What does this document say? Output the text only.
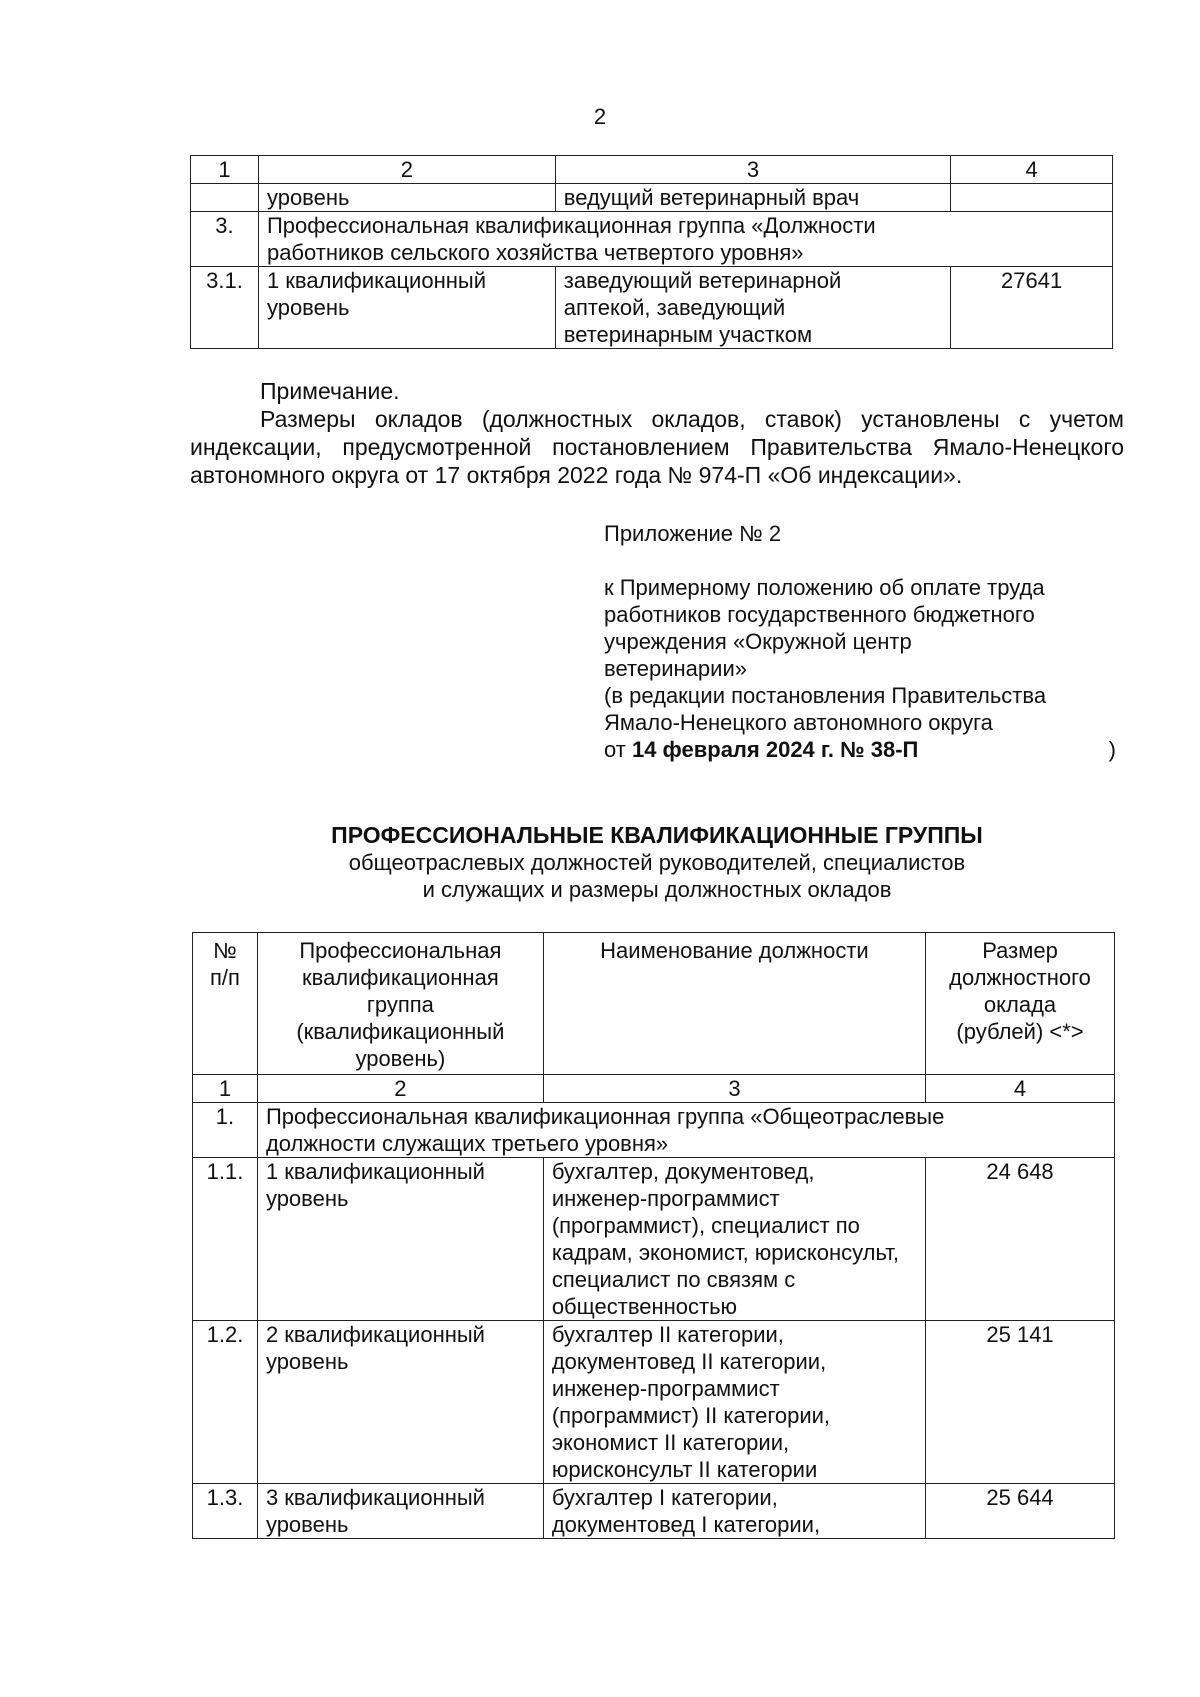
2
1	2	3	4
	уровень	ведущий ветеринарный врач	
3.	Профессиональная квалификационная группа «Должности работников сельского хозяйства четвертого уровня»		
3.1.	1 квалификационный уровень	заведующий ветеринарной аптекой, заведующий ветеринарным участком	27641

Примечание.

Размеры окладов (должностных окладов, ставок) установлены с учетом индексации, предусмотренной постановлением Правительства Ямало-Ненецкого автономного округа от 17 октября 2022 года № 974-П «Об индексации».

Приложение № 2

к Примерному положению об оплате труда

работников государственного бюджетного

учреждения «Окружной центр

ветеринарии»

(в редакции постановления Правительства

Ямало-Ненецкого автономного округа

от 14 февраля 2024 г. № 38-П	)

ПРОФЕССИОНАЛЬНЫЕ КВАЛИФИКАЦИОННЫЕ ГРУППЫ
общеотраслевых должностей руководителей, специалистов
и служащих и размеры должностных окладов
№ п/п	Профессиональная квалификационная группа (квалификационный уровень)	Наименование должности	Размер должностного оклада (рублей) <*>
1	2	3	4
1.	Профессиональная квалификационная группа «Общеотраслевые должности служащих третьего уровня»		
1.1.	1 квалификационный уровень	бухгалтер, документовед, инженер-программист (программист), специалист по кадрам, экономист, юрисконсульт, специалист по связям с общественностью	24 648
1.2.	2 квалификационный уровень	бухгалтер II категории, документовед II категории, инженер-программист (программист) II категории, экономист II категории, юрисконсульт II категории	25 141
1.3.	3 квалификационный уровень	бухгалтер I категории, документовед I категории,	25 644
